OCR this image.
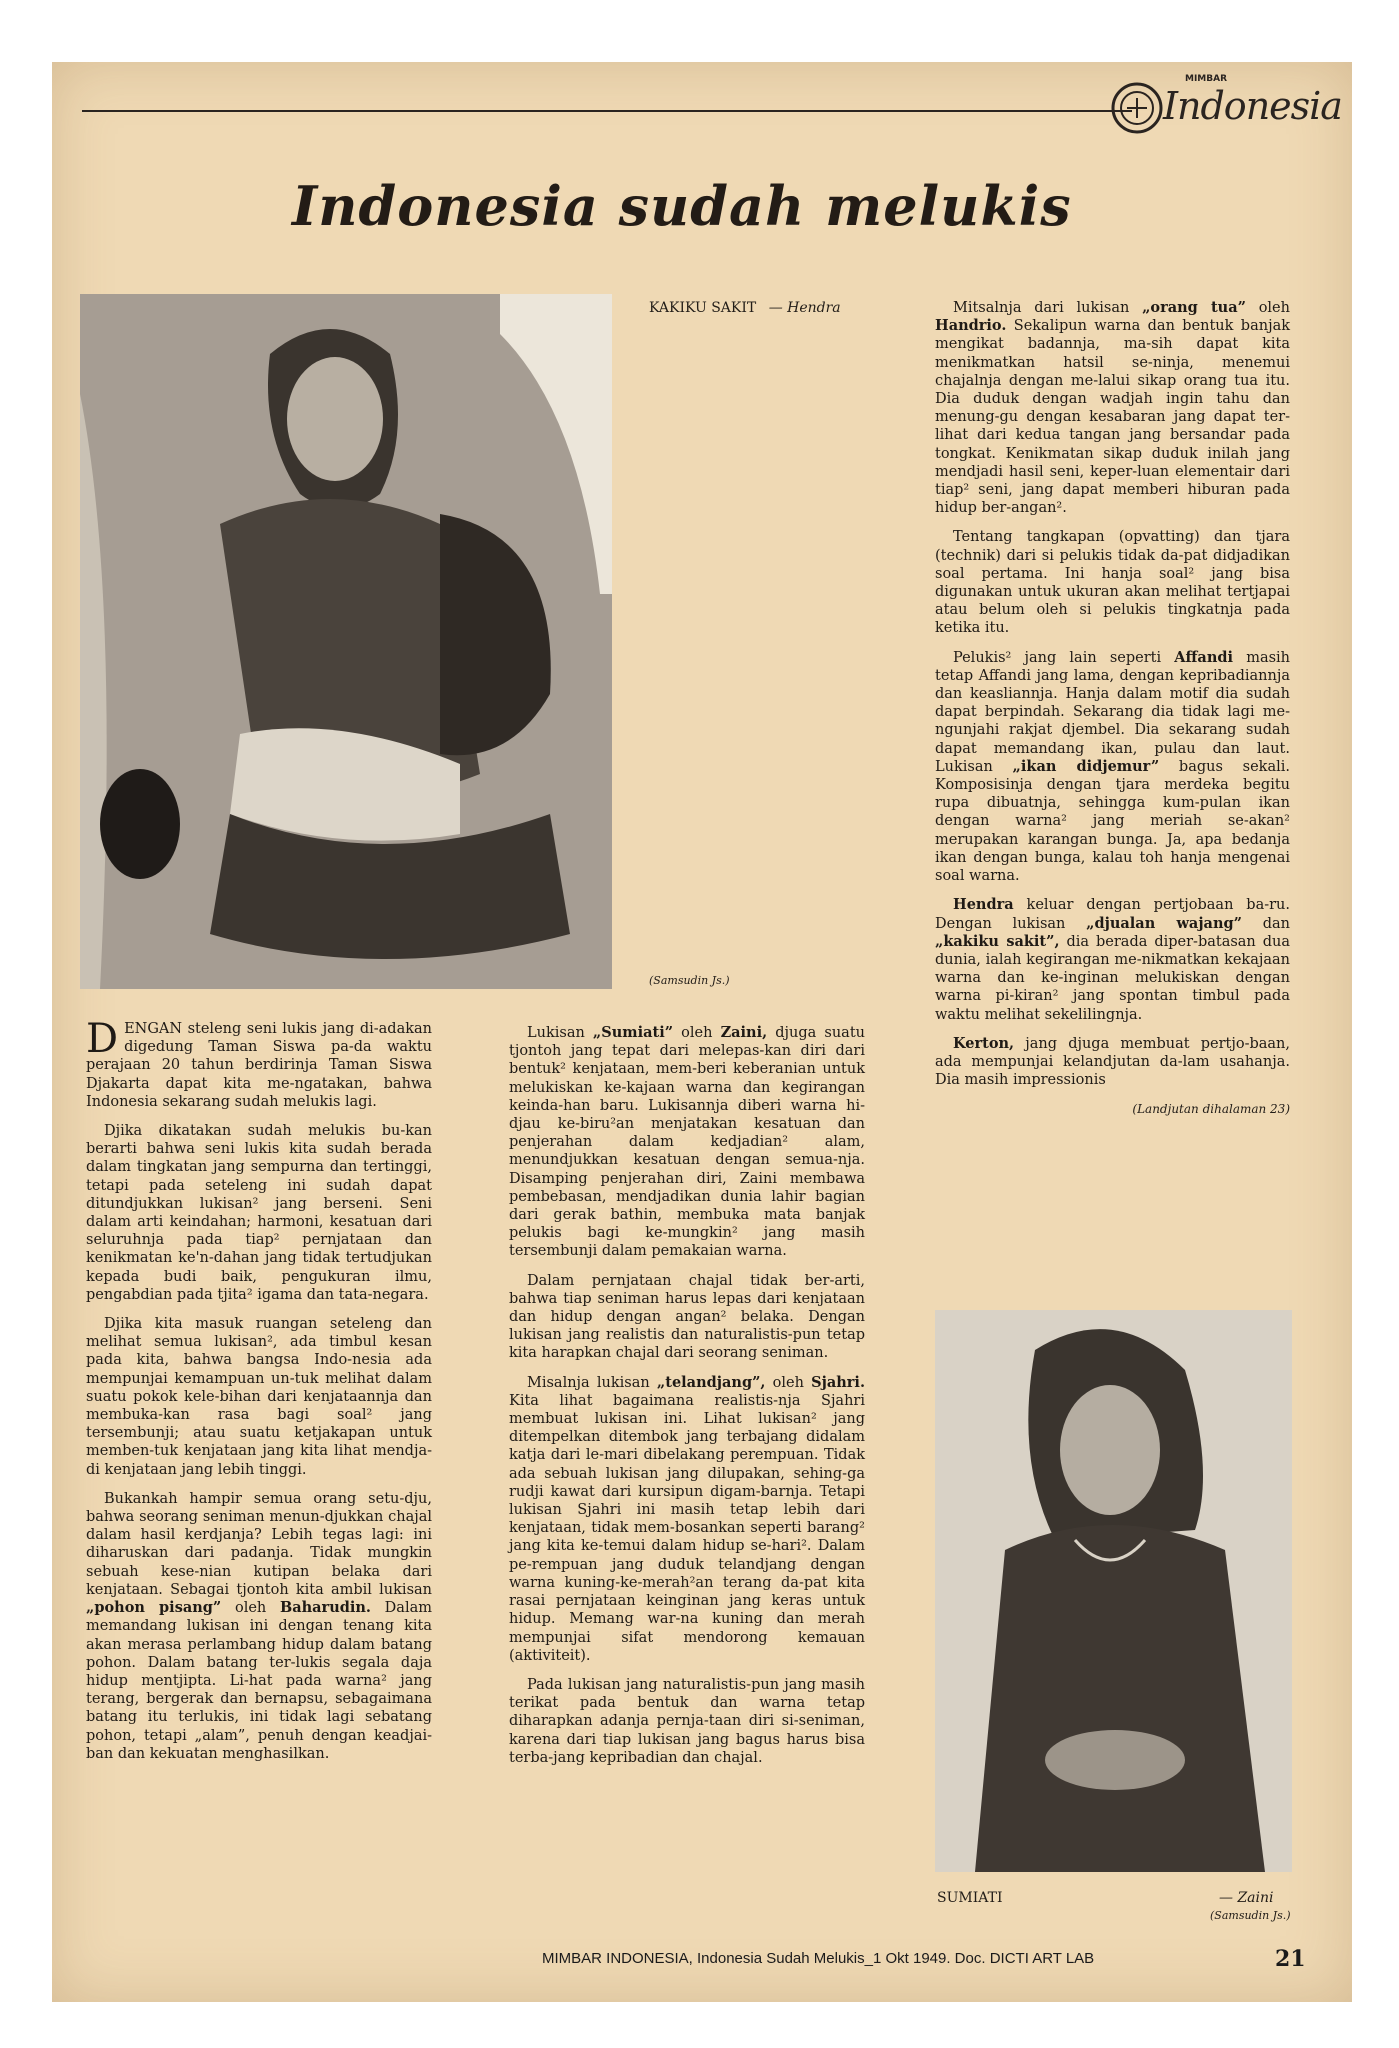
MIMBAR
Indonesia
Indonesia sudah melukis
KAKIKU SAKIT — Hendra
(Samsudin Js.)
SUMIATI	— Zaini
(Samsudin Js.)

DENGAN steleng seni lukis jang di-adakan digedung Taman Siswa pa-da waktu perajaan 20 tahun berdirinja Taman Siswa Djakarta dapat kita me-ngatakan, bahwa Indonesia sekarang sudah melukis lagi.

Djika dikatakan sudah melukis bu-kan berarti bahwa seni lukis kita sudah berada dalam tingkatan jang sempurna dan tertinggi, tetapi pada seteleng ini sudah dapat ditundjukkan lukisan² jang berseni. Seni dalam arti keindahan; harmoni, kesatuan dari seluruhnja pada tiap² pernjataan dan kenikmatan ke'n-dahan jang tidak tertudjukan kepada budi baik, pengukuran ilmu, pengabdian pada tjita² igama dan tata-negara.

Djika kita masuk ruangan seteleng dan melihat semua lukisan², ada timbul kesan pada kita, bahwa bangsa Indo-nesia ada mempunjai kemampuan un-tuk melihat dalam suatu pokok kele-bihan dari kenjataannja dan membuka-kan rasa bagi soal² jang tersembunji; atau suatu ketjakapan untuk memben-tuk kenjataan jang kita lihat mendja-di kenjataan jang lebih tinggi.

Bukankah hampir semua orang setu-dju, bahwa seorang seniman menun-djukkan chajal dalam hasil kerdjanja? Lebih tegas lagi: ini diharuskan dari padanja. Tidak mungkin sebuah kese-nian kutipan belaka dari kenjataan. Sebagai tjontoh kita ambil lukisan „pohon pisang” oleh Baharudin. Dalam memandang lukisan ini dengan tenang kita akan merasa perlambang hidup dalam batang pohon. Dalam batang ter-lukis segala daja hidup mentjipta. Li-hat pada warna² jang terang, bergerak dan bernapsu, sebagaimana batang itu terlukis, ini tidak lagi sebatang pohon, tetapi „alam”, penuh dengan keadjai-ban dan kekuatan menghasilkan.

Lukisan „Sumiati” oleh Zaini, djuga suatu tjontoh jang tepat dari melepas-kan diri dari bentuk² kenjataan, mem-beri keberanian untuk melukiskan ke-kajaan warna dan kegirangan keinda-han baru. Lukisannja diberi warna hi-djau ke-biru²an menjatakan kesatuan dan penjerahan dalam kedjadian² alam, menundjukkan kesatuan dengan semua-nja. Disamping penjerahan diri, Zaini membawa pembebasan, mendjadikan dunia lahir bagian dari gerak bathin, membuka mata banjak pelukis bagi ke-mungkin² jang masih tersembunji dalam pemakaian warna.

Dalam pernjataan chajal tidak ber-arti, bahwa tiap seniman harus lepas dari kenjataan dan hidup dengan angan² belaka. Dengan lukisan jang realistis dan naturalistis-pun tetap kita harapkan chajal dari seorang seniman.

Misalnja lukisan „telandjang”, oleh Sjahri. Kita lihat bagaimana realistis-nja Sjahri membuat lukisan ini. Lihat lukisan² jang ditempelkan ditembok jang terbajang didalam katja dari le-mari dibelakang perempuan. Tidak ada sebuah lukisan jang dilupakan, sehing-ga rudji kawat dari kursipun digam-barnja. Tetapi lukisan Sjahri ini masih tetap lebih dari kenjataan, tidak mem-bosankan seperti barang² jang kita ke-temui dalam hidup se-hari². Dalam pe-rempuan jang duduk telandjang dengan warna kuning-ke-merah²an terang da-pat kita rasai pernjataan keinginan jang keras untuk hidup. Memang war-na kuning dan merah mempunjai sifat mendorong kemauan (aktiviteit).

Pada lukisan jang naturalistis-pun jang masih terikat pada bentuk dan warna tetap diharapkan adanja pernja-taan diri si-seniman, karena dari tiap lukisan jang bagus harus bisa terba-jang kepribadian dan chajal.

Mitsalnja dari lukisan „orang tua” oleh Handrio. Sekalipun warna dan bentuk banjak mengikat badannja, ma-sih dapat kita menikmatkan hatsil se-ninja, menemui chajalnja dengan me-lalui sikap orang tua itu. Dia duduk dengan wadjah ingin tahu dan menung-gu dengan kesabaran jang dapat ter-lihat dari kedua tangan jang bersandar pada tongkat. Kenikmatan sikap duduk inilah jang mendjadi hasil seni, keper-luan elementair dari tiap² seni, jang dapat memberi hiburan pada hidup ber-angan².

Tentang tangkapan (opvatting) dan tjara (technik) dari si pelukis tidak da-pat didjadikan soal pertama. Ini hanja soal² jang bisa digunakan untuk ukuran akan melihat tertjapai atau belum oleh si pelukis tingkatnja pada ketika itu.

Pelukis² jang lain seperti Affandi masih tetap Affandi jang lama, dengan kepribadiannja dan keasliannja. Hanja dalam motif dia sudah dapat berpindah. Sekarang dia tidak lagi me-ngunjahi rakjat djembel. Dia sekarang sudah dapat memandang ikan, pulau dan laut. Lukisan „ikan didjemur” bagus sekali. Komposisinja dengan tjara merdeka begitu rupa dibuatnja, sehingga kum-pulan ikan dengan warna² jang meriah se-akan² merupakan karangan bunga. Ja, apa bedanja ikan dengan bunga, kalau toh hanja mengenai soal warna.

Hendra keluar dengan pertjobaan ba-ru. Dengan lukisan „djualan wajang” dan „kakiku sakit”, dia berada diper-batasan dua dunia, ialah kegirangan me-nikmatkan kekajaan warna dan ke-inginan melukiskan dengan warna pi-kiran² jang spontan timbul pada waktu melihat sekelilingnja.

Kerton, jang djuga membuat pertjo-baan, ada mempunjai kelandjutan da-lam usahanja. Dia masih impressionis

(Landjutan dihalaman 23)
MIMBAR INDONESIA, Indonesia Sudah Melukis_1 Okt 1949. Doc. DICTI ART LAB	21
